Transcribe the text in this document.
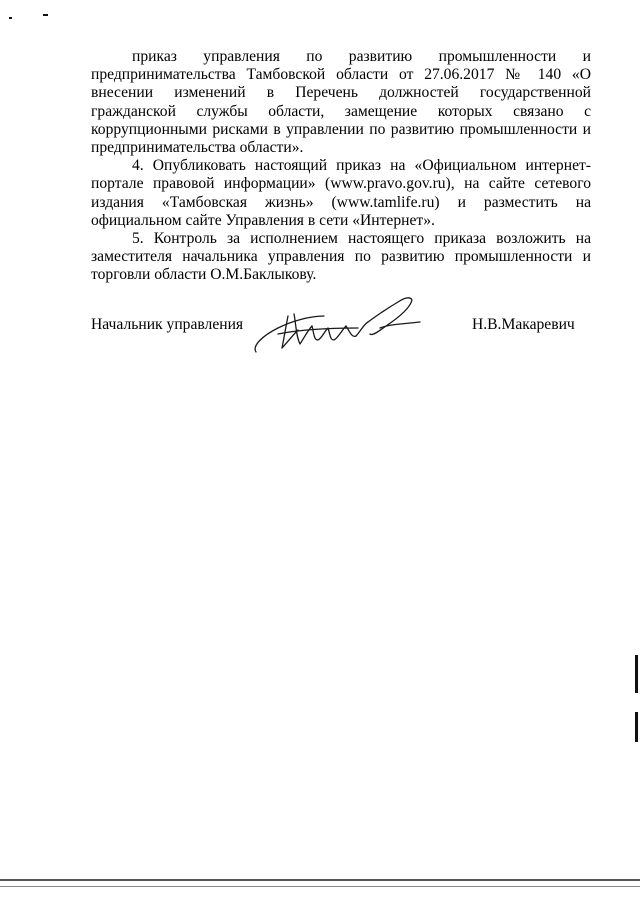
приказ управления по развитию промышленности и предпринимательства Тамбовской области от 27.06.2017 № 140 «О внесении изменений в Перечень должностей государственной гражданской службы области, замещение которых связано с коррупционными рисками в управлении по развитию промышленности и предпринимательства области».

4. Опубликовать настоящий приказ на «Официальном интернет-портале правовой информации» (www.pravo.gov.ru), на сайте сетевого издания «Тамбовская жизнь» (www.tamlife.ru) и разместить на официальном сайте Управления в сети «Интернет».

5. Контроль за исполнением настоящего приказа возложить на заместителя начальника управления по развитию промышленности и торговли области О.М.Баклыкову.

Начальник управления	Н.В.Макаревич
